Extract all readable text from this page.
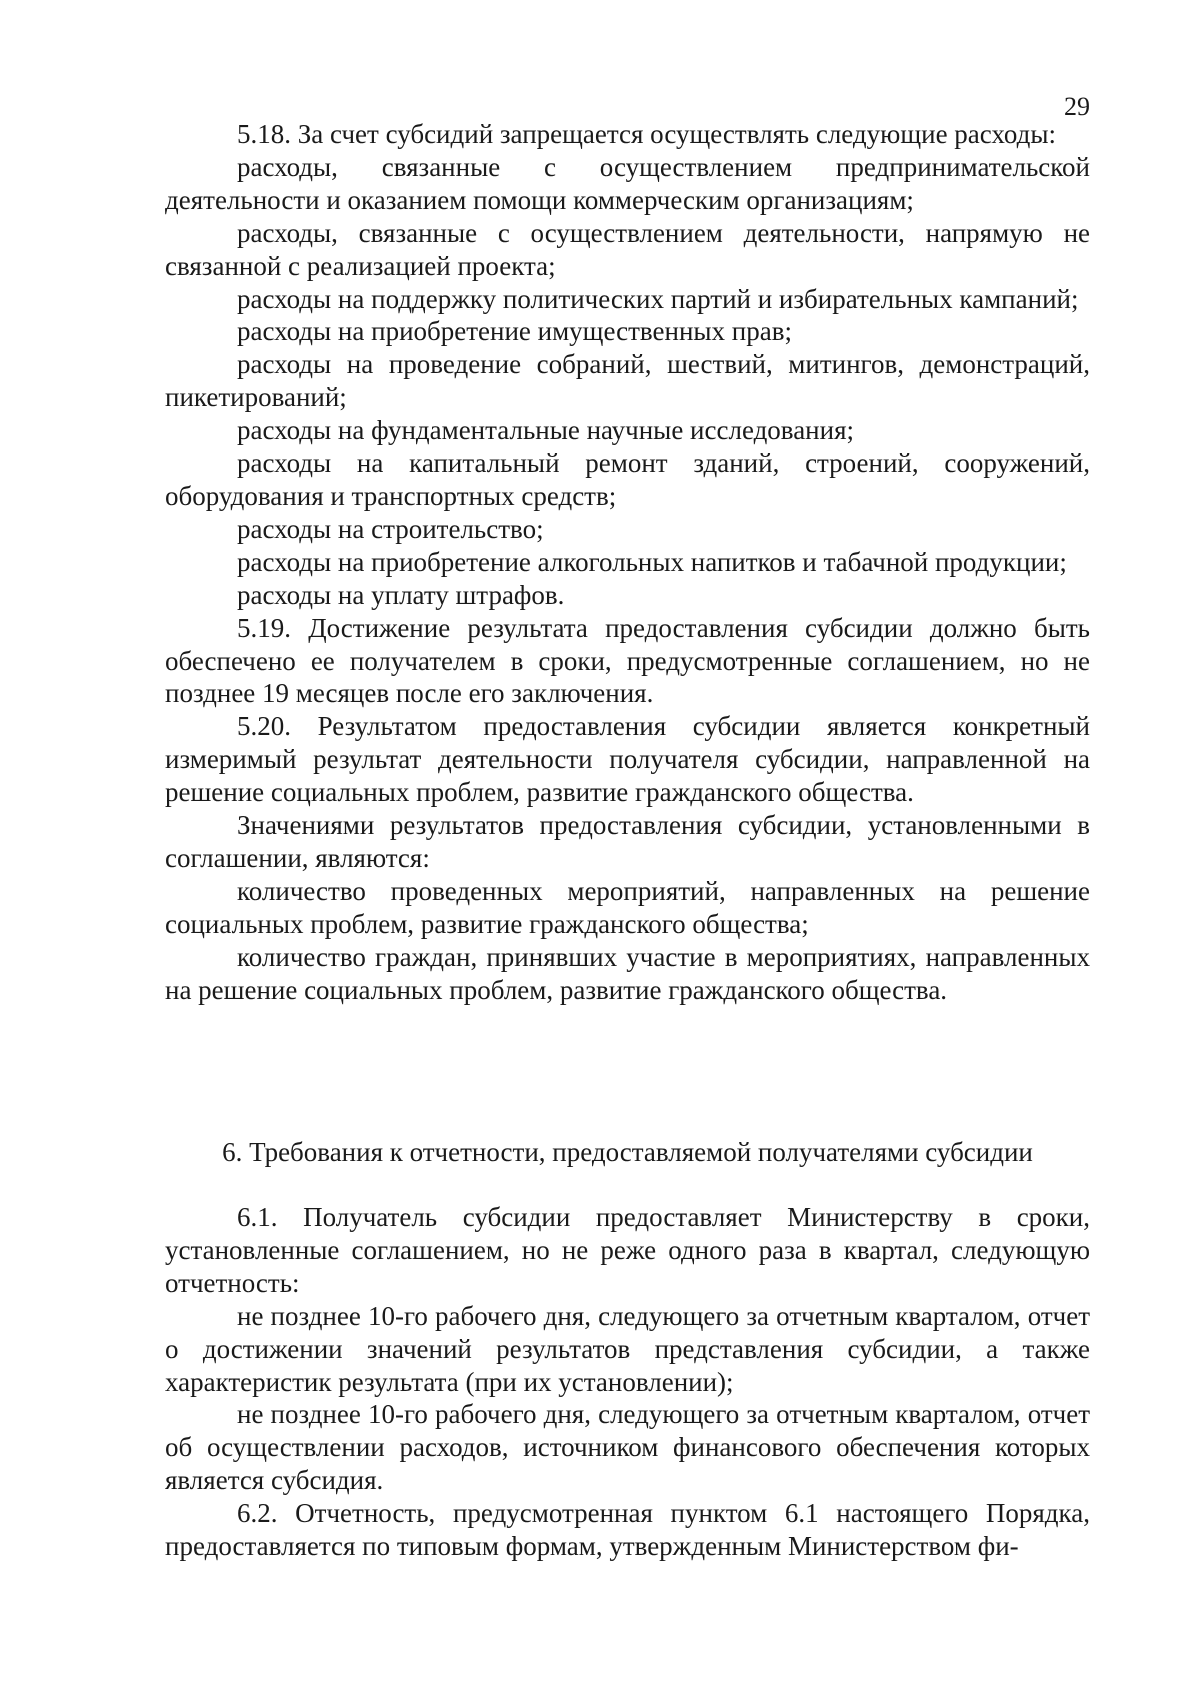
29

5.18. За счет субсидий запрещается осуществлять следующие расходы:

расходы, связанные с осуществлением предпринимательской деятельности и оказанием помощи коммерческим организациям;

расходы, связанные с осуществлением деятельности, напрямую не связанной с реализацией проекта;

расходы на поддержку политических партий и избирательных кампаний;

расходы на приобретение имущественных прав;

расходы на проведение собраний, шествий, митингов, демонстраций, пикетирований;

расходы на фундаментальные научные исследования;

расходы на капитальный ремонт зданий, строений, сооружений, оборудования и транспортных средств;

расходы на строительство;

расходы на приобретение алкогольных напитков и табачной продукции;

расходы на уплату штрафов.

5.19. Достижение результата предоставления субсидии должно быть обеспечено ее получателем в сроки, предусмотренные соглашением, но не позднее 19 месяцев после его заключения.

5.20. Результатом предоставления субсидии является конкретный измеримый результат деятельности получателя субсидии, направленной на решение социальных проблем, развитие гражданского общества.

Значениями результатов предоставления субсидии, установленными в соглашении, являются:

количество проведенных мероприятий, направленных на решение социальных проблем, развитие гражданского общества;

количество граждан, принявших участие в мероприятиях, направленных на решение социальных проблем, развитие гражданского общества.

6. Требования к отчетности, предоставляемой получателями субсидии

6.1. Получатель субсидии предоставляет Министерству в сроки, установленные соглашением, но не реже одного раза в квартал, следующую отчетность:

не позднее 10-го рабочего дня, следующего за отчетным кварталом, отчет о достижении значений результатов представления субсидии, а также характеристик результата (при их установлении);

не позднее 10-го рабочего дня, следующего за отчетным кварталом, отчет об осуществлении расходов, источником финансового обеспечения которых является субсидия.

6.2. Отчетность, предусмотренная пунктом 6.1 настоящего Порядка, предоставляется по типовым формам, утвержденным Министерством фи-
